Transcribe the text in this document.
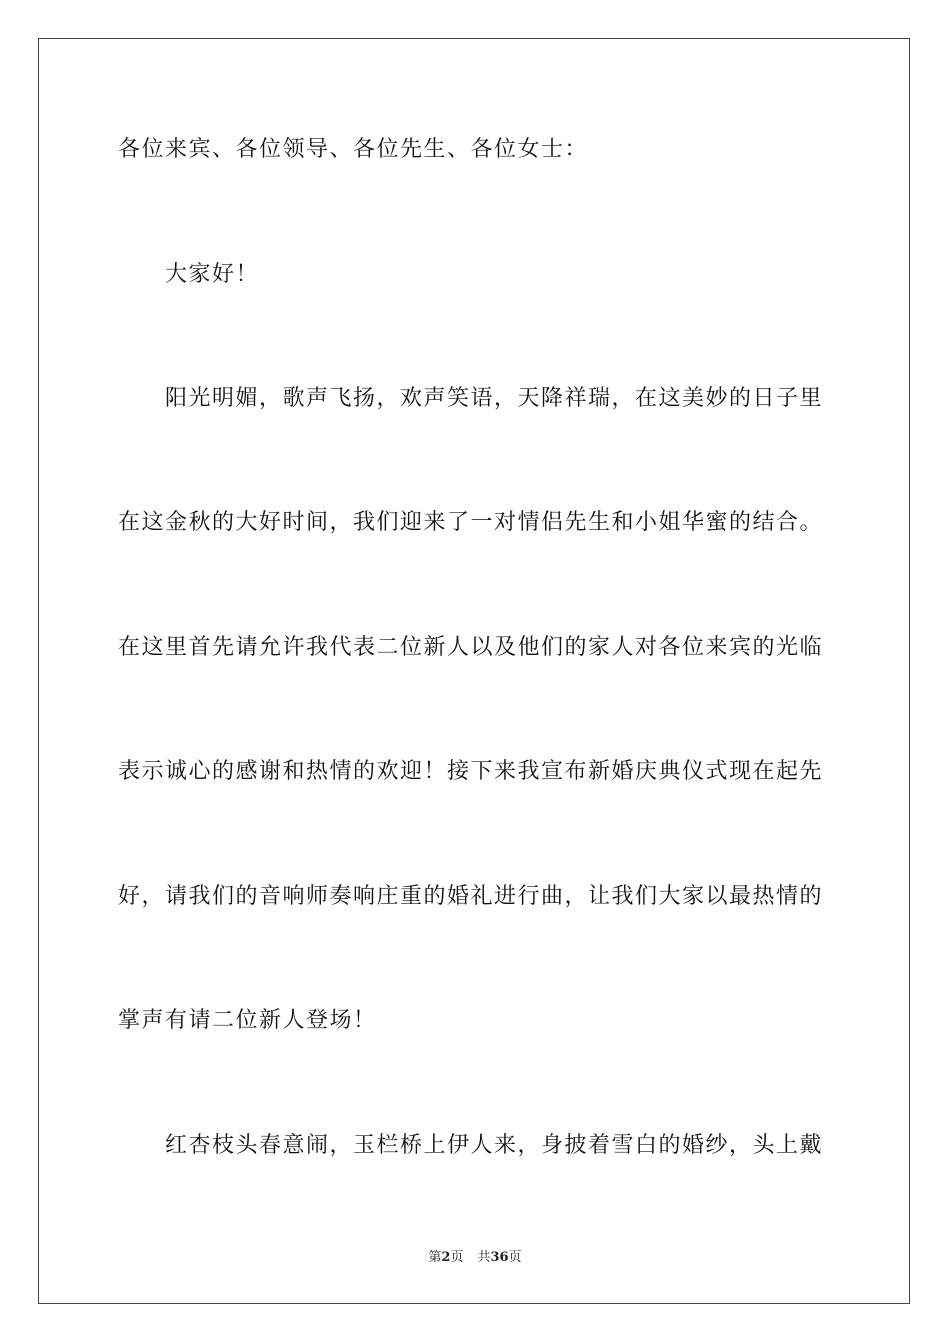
各位来宾、各位领导、各位先生、各位女士：
大家好！
阳光明媚，歌声飞扬，欢声笑语，天降祥瑞，在这美妙的日子里
在这金秋的大好时间，我们迎来了一对情侣先生和小姐华蜜的结合。
在这里首先请允许我代表二位新人以及他们的家人对各位来宾的光临
表示诚心的感谢和热情的欢迎！接下来我宣布新婚庆典仪式现在起先
好，请我们的音响师奏响庄重的婚礼进行曲，让我们大家以最热情的
掌声有请二位新人登场！
红杏枝头春意闹，玉栏桥上伊人来，身披着雪白的婚纱，头上戴
第2页 共36页
